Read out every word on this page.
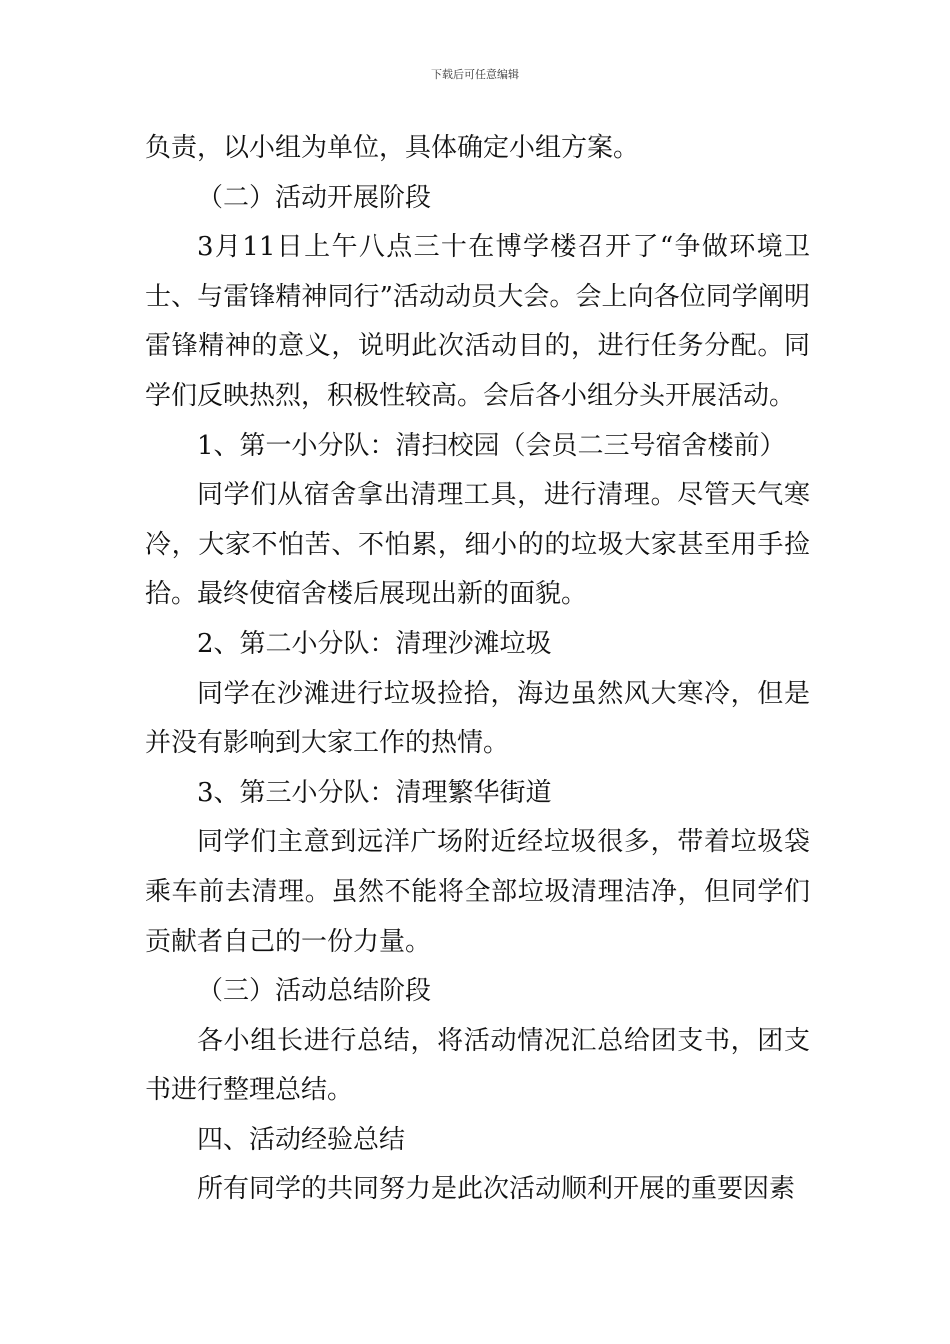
下载后可任意编辑

负责，以小组为单位，具体确定小组方案。

（二）活动开展阶段

3月11日上午八点三十在博学楼召开了“争做环境卫士、与雷锋精神同行”活动动员大会。会上向各位同学阐明雷锋精神的意义，说明此次活动目的，进行任务分配。同学们反映热烈，积极性较高。会后各小组分头开展活动。

1、第一小分队：清扫校园（会员二三号宿舍楼前）

同学们从宿舍拿出清理工具，进行清理。尽管天气寒冷，大家不怕苦、不怕累，细小的的垃圾大家甚至用手捡拾。最终使宿舍楼后展现出新的面貌。

2、第二小分队：清理沙滩垃圾

同学在沙滩进行垃圾捡拾，海边虽然风大寒冷，但是并没有影响到大家工作的热情。

3、第三小分队：清理繁华街道

同学们主意到远洋广场附近经垃圾很多，带着垃圾袋乘车前去清理。虽然不能将全部垃圾清理洁净，但同学们贡献者自己的一份力量。

（三）活动总结阶段

各小组长进行总结，将活动情况汇总给团支书，团支书进行整理总结。

四、活动经验总结

所有同学的共同努力是此次活动顺利开展的重要因素
